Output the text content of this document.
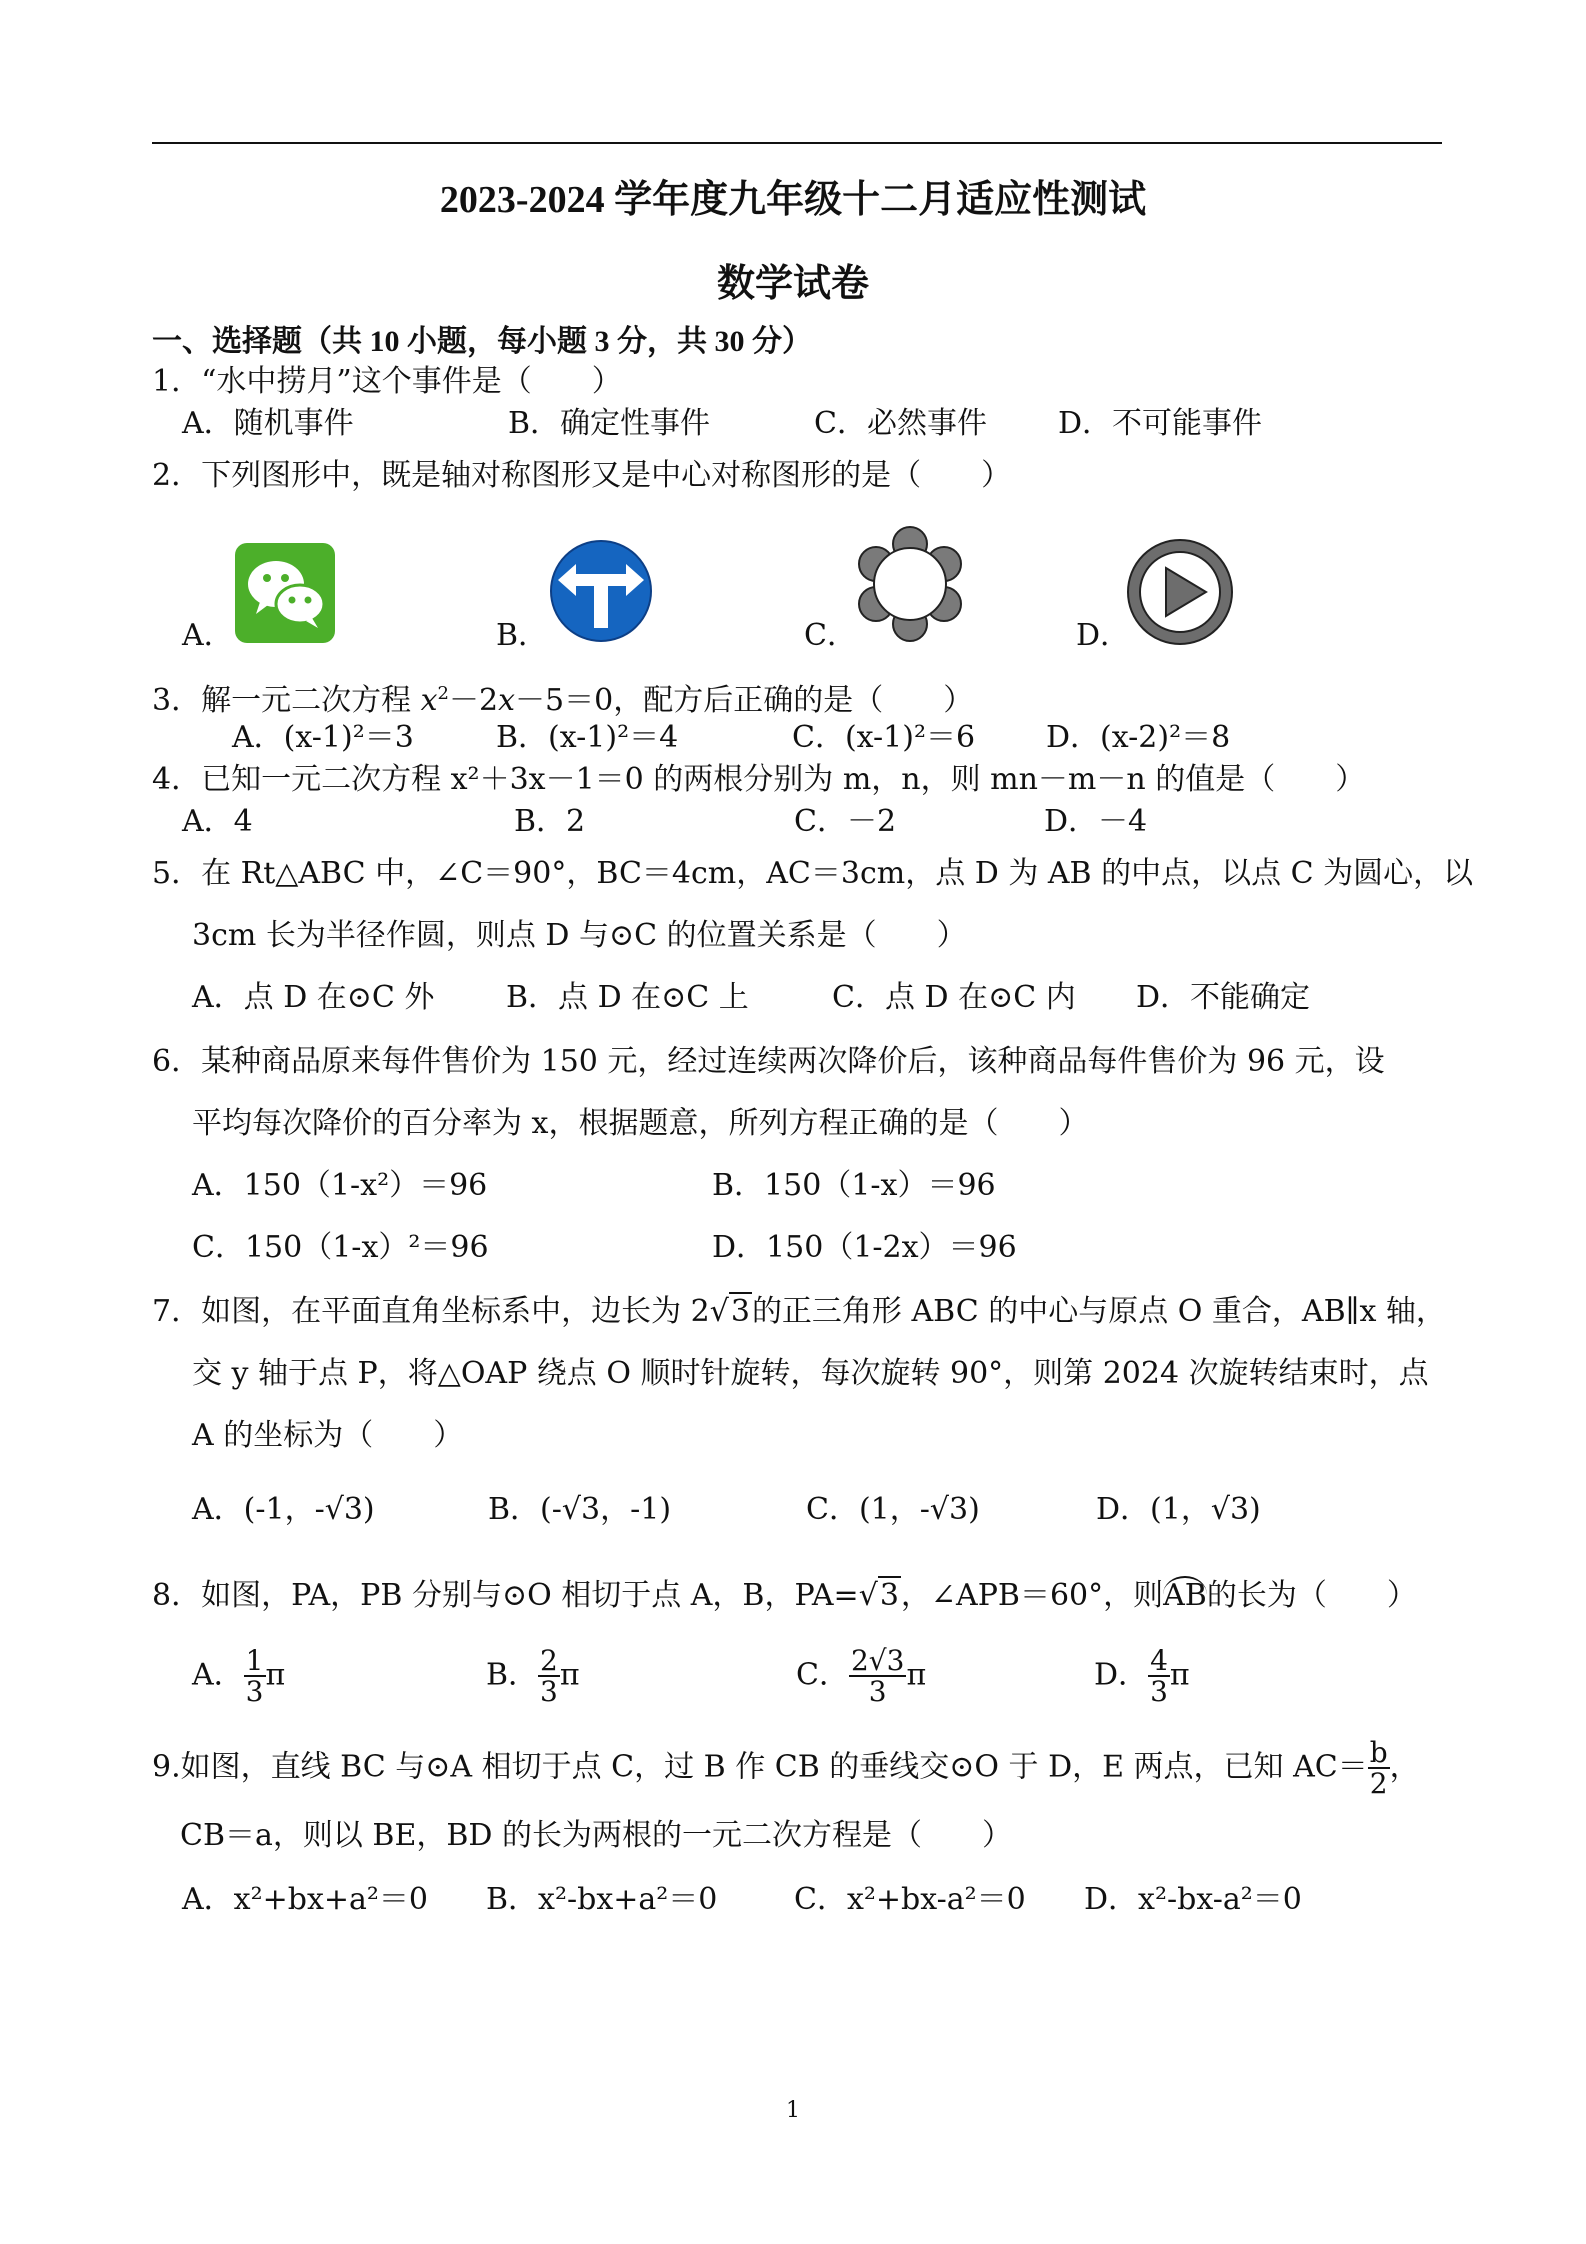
2023-2024 学年度九年级十二月适应性测试
数学试卷
一、选择题（共 10 小题，每小题 3 分，共 30 分）
1．“水中捞月”这个事件是（　　）
A．随机事件	B．确定性事件	C．必然事件 D．不可能事件
2．下列图形中，既是轴对称图形又是中心对称图形的是（　　）
A．	B．	C．	D．
3．解一元二次方程 $x^2-2x-5=0$，配方后正确的是（　　）
A．(x-1)²＝3	B．(x-1)²＝4	C．(x-1)²＝6 D．(x-2)²＝8
4．已知一元二次方程 x²＋3x－1＝0 的两根分别为 m，n，则 mn－m－n 的值是（　　）
A．4	B．2	C．－2	D．－4
5．在 Rt△ABC 中，∠C＝90°，BC＝4cm，AC＝3cm，点 D 为 AB 的中点，以点 C 为圆心，以
3cm 长为半径作圆，则点 D 与⊙C 的位置关系是（　　）
A．点 D 在⊙C 外 B．点 D 在⊙C 上	C．点 D 在⊙C 内 D．不能确定
6．某种商品原来每件售价为 150 元，经过连续两次降价后，该种商品每件售价为 96 元，设
平均每次降价的百分率为 x，根据题意，所列方程正确的是（　　）
A．150（1-x²）＝96	B．150（1-x）＝96
C．150（1-x）²＝96	D．150（1-2x）＝96
7．如图，在平面直角坐标系中，边长为 2√3的正三角形 ABC 的中心与原点 O 重合，AB∥x 轴，
交 y 轴于点 P，将△OAP 绕点 O 顺时针旋转，每次旋转 90°，则第 2024 次旋转结束时，点
A 的坐标为（　　）
A．(-1，-√3)	B．(-√3，-1)	C．(1，-√3)	D．(1，√3)
8．如图，PA，PB 分别与⊙O 相切于点 A，B，PA=√3，∠APB＝60°，则AB的长为（　　）
A． $\frac{1}{3}$ π	B． $\frac{2}{3}$ π	C． $\frac{2√3}{3}$ π	D． $\frac{4}{3}$ π
9.如图，直线 BC 与⊙A 相切于点 C，过 B 作 CB 的垂线交⊙O 于 D，E 两点，已知 $AC= \frac{b}{2}$ ，
CB＝a，则以 BE，BD 的长为两根的一元二次方程是（　　）
A．x²+bx+a²＝0 B．x²-bx+a²＝0	C．x²+bx-a²＝0 D．x²-bx-a²＝0
1
